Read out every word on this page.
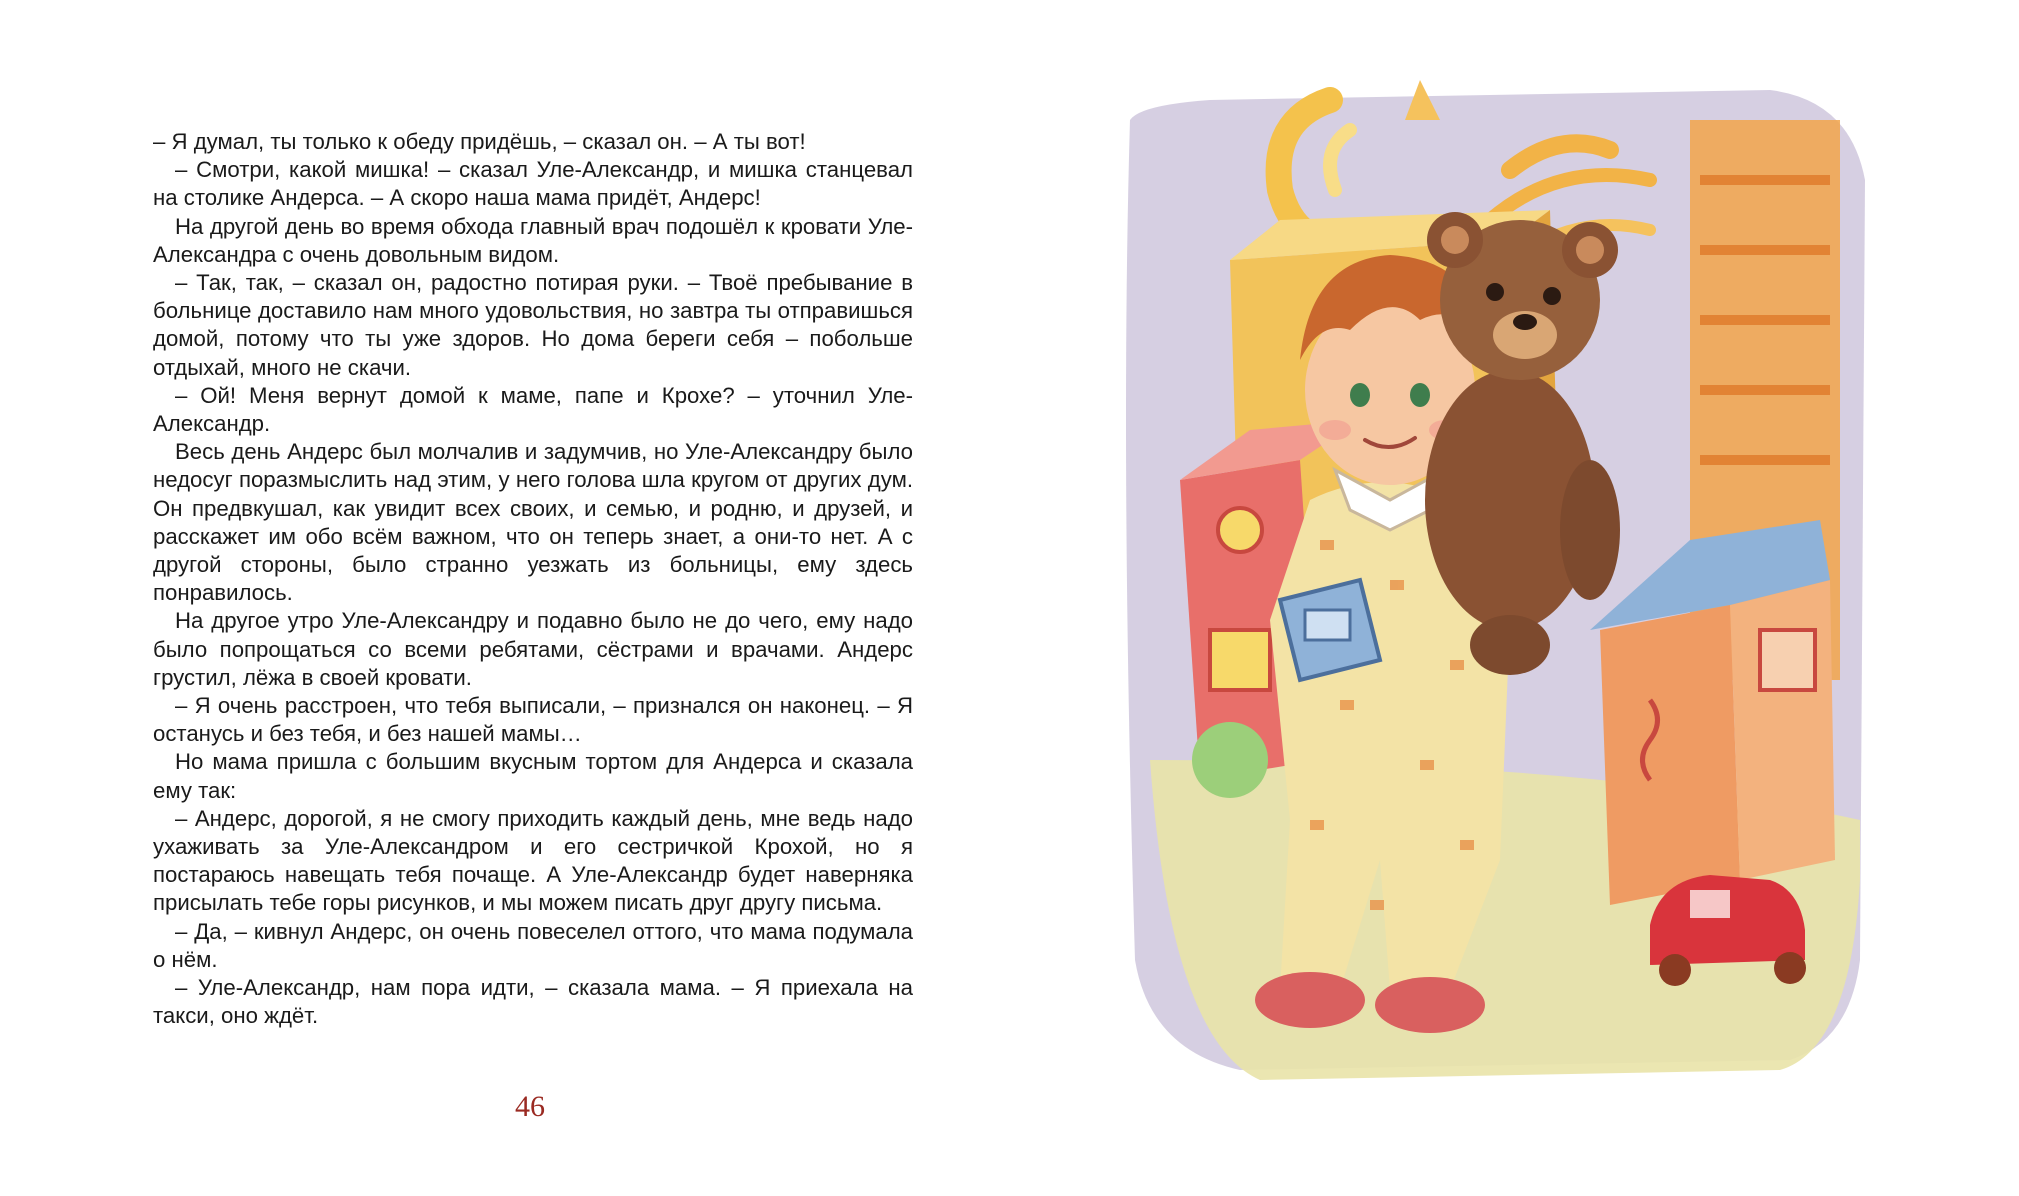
– Я думал, ты только к обеду придёшь, – сказал он. – А ты вот!

– Смотри, какой мишка! – сказал Уле-Александр, и мишка станцевал на столике Андерса. – А скоро наша мама придёт, Андерс!

На другой день во время обхода главный врач подошёл к кровати Уле-Александра с очень довольным видом.

– Так, так, – сказал он, радостно потирая руки. – Твоё пребывание в больнице доставило нам много удовольствия, но завтра ты отправишься домой, потому что ты уже здоров. Но дома береги себя – побольше отдыхай, много не скачи.

– Ой! Меня вернут домой к маме, папе и Крохе? – уточнил Уле-Александр.

Весь день Андерс был молчалив и задумчив, но Уле-Александру было недосуг поразмыслить над этим, у него голова шла кругом от других дум. Он предвкушал, как увидит всех своих, и семью, и родню, и друзей, и расскажет им обо всём важном, что он теперь знает, а они-то нет. А с другой стороны, было странно уезжать из больницы, ему здесь понравилось.

На другое утро Уле-Александру и подавно было не до чего, ему надо было попрощаться со всеми ребятами, сёстрами и врачами. Андерс грустил, лёжа в своей кровати.

– Я очень расстроен, что тебя выписали, – признался он наконец. – Я останусь и без тебя, и без нашей мамы…

Но мама пришла с большим вкусным тортом для Андерса и сказала ему так:

– Андерс, дорогой, я не смогу приходить каждый день, мне ведь надо ухаживать за Уле-Александром и его сестричкой Крохой, но я постараюсь навещать тебя почаще. А Уле-Александр будет наверняка присылать тебе горы рисунков, и мы можем писать друг другу письма.

– Да, – кивнул Андерс, он очень повеселел оттого, что мама подумала о нём.

– Уле-Александр, нам пора идти, – сказала мама. – Я приехала на такси, оно ждёт.

46
